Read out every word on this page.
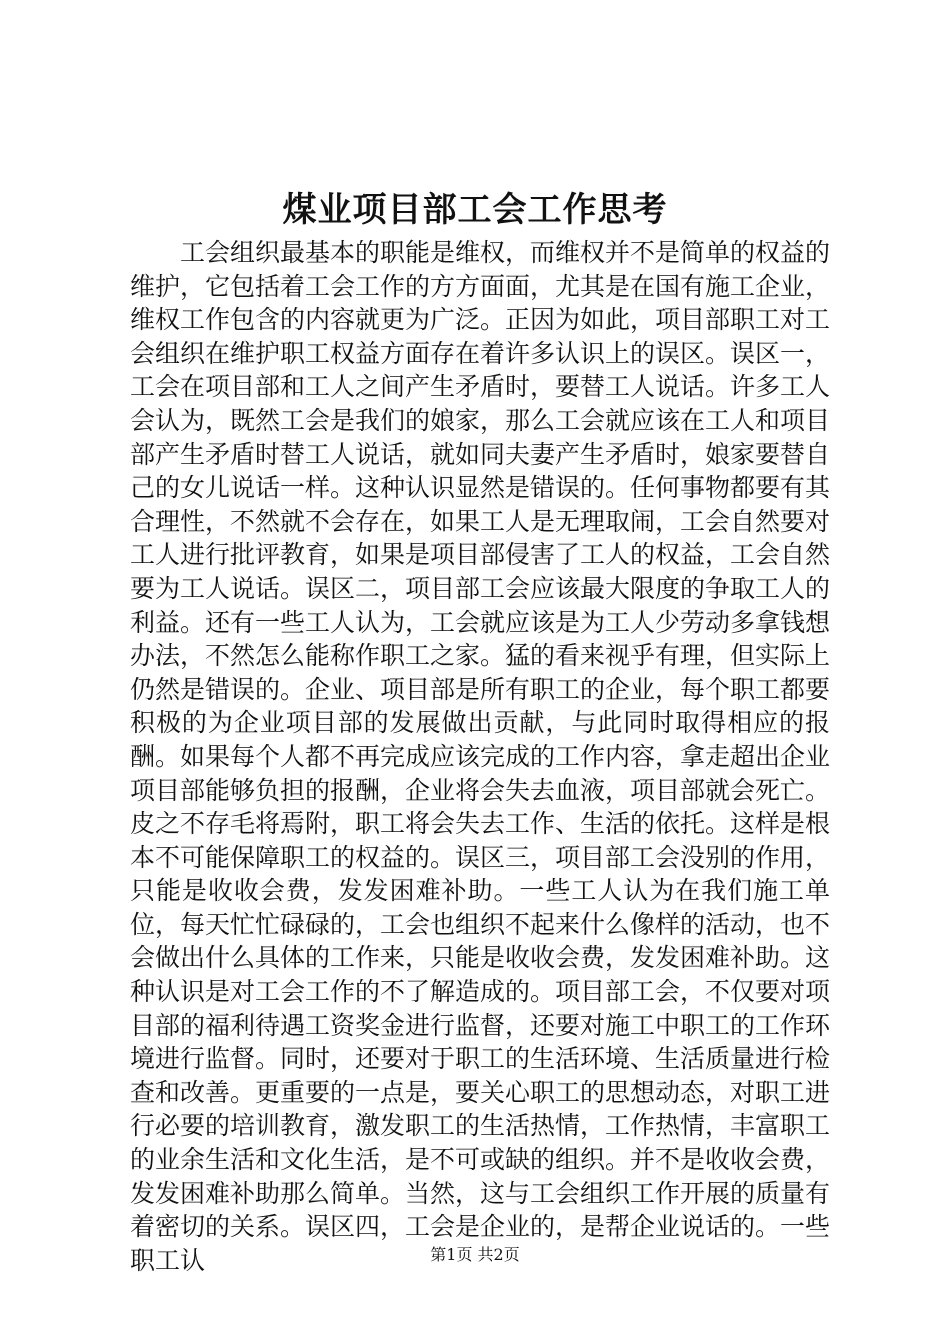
煤业项目部工会工作思考

工会组织最基本的职能是维权，而维权并不是简单的权益的维护，它包括着工会工作的方方面面，尤其是在国有施工企业，维权工作包含的内容就更为广泛。正因为如此，项目部职工对工会组织在维护职工权益方面存在着许多认识上的误区。误区一，工会在项目部和工人之间产生矛盾时，要替工人说话。许多工人会认为，既然工会是我们的娘家，那么工会就应该在工人和项目部产生矛盾时替工人说话，就如同夫妻产生矛盾时，娘家要替自己的女儿说话一样。这种认识显然是错误的。任何事物都要有其合理性，不然就不会存在，如果工人是无理取闹，工会自然要对工人进行批评教育，如果是项目部侵害了工人的权益，工会自然要为工人说话。误区二，项目部工会应该最大限度的争取工人的利益。还有一些工人认为，工会就应该是为工人少劳动多拿钱想办法，不然怎么能称作职工之家。猛的看来视乎有理，但实际上仍然是错误的。企业、项目部是所有职工的企业，每个职工都要积极的为企业项目部的发展做出贡献，与此同时取得相应的报酬。如果每个人都不再完成应该完成的工作内容，拿走超出企业项目部能够负担的报酬，企业将会失去血液，项目部就会死亡。皮之不存毛将焉附，职工将会失去工作、生活的依托。这样是根本不可能保障职工的权益的。误区三，项目部工会没别的作用，只能是收收会费，发发困难补助。一些工人认为在我们施工单位，每天忙忙碌碌的，工会也组织不起来什么像样的活动，也不会做出什么具体的工作来，只能是收收会费，发发困难补助。这种认识是对工会工作的不了解造成的。项目部工会，不仅要对项目部的福利待遇工资奖金进行监督，还要对施工中职工的工作环境进行监督。同时，还要对于职工的生活环境、生活质量进行检查和改善。更重要的一点是，要关心职工的思想动态，对职工进行必要的培训教育，激发职工的生活热情，工作热情，丰富职工的业余生活和文化生活，是不可或缺的组织。并不是收收会费，发发困难补助那么简单。当然，这与工会组织工作开展的质量有着密切的关系。误区四，工会是企业的，是帮企业说话的。一些职工认	第1页 共2页
